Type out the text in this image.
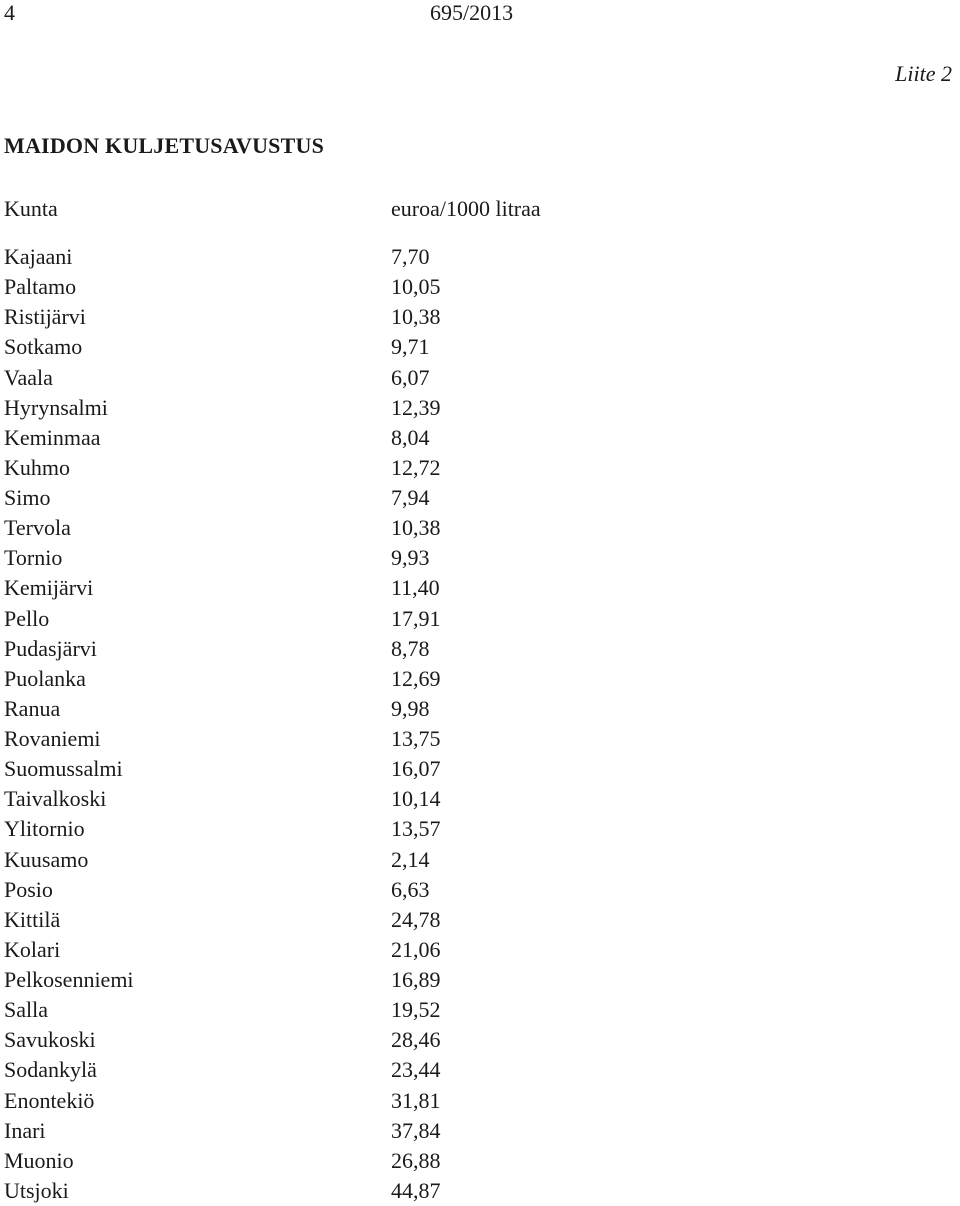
4	695/2013
Liite 2
MAIDON KULJETUSAVUSTUS
Kunta	euroa/1000 litraa
Kajaani	7,70
Paltamo	10,05
Ristijärvi	10,38
Sotkamo	9,71
Vaala	6,07
Hyrynsalmi	12,39
Keminmaa	8,04
Kuhmo	12,72
Simo	7,94
Tervola	10,38
Tornio	9,93
Kemijärvi	11,40
Pello	17,91
Pudasjärvi	8,78
Puolanka	12,69
Ranua	9,98
Rovaniemi	13,75
Suomussalmi	16,07
Taivalkoski	10,14
Ylitornio	13,57
Kuusamo	2,14
Posio	6,63
Kittilä	24,78
Kolari	21,06
Pelkosenniemi	16,89
Salla	19,52
Savukoski	28,46
Sodankylä	23,44
Enontekiö	31,81
Inari	37,84
Muonio	26,88
Utsjoki	44,87
